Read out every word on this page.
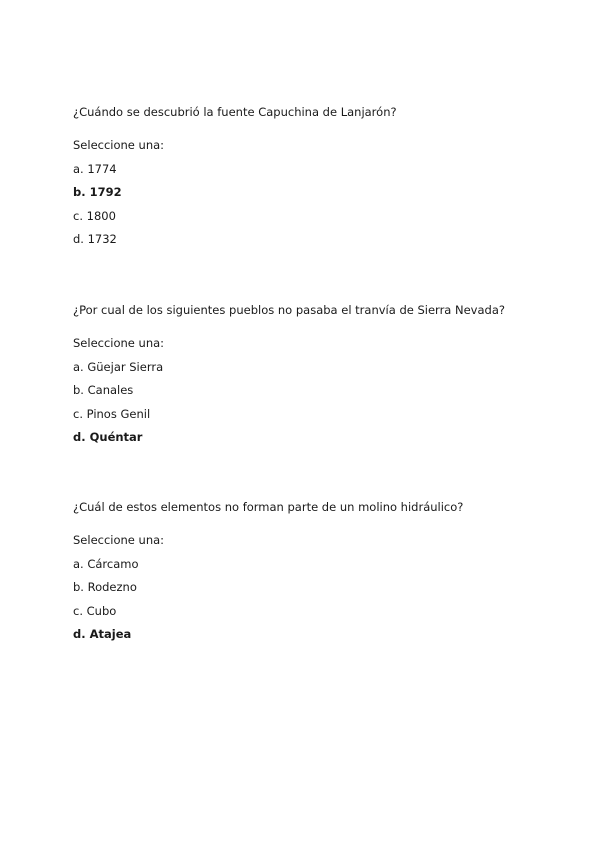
¿Cuándo se descubrió la fuente Capuchina de Lanjarón?

Seleccione una:
a. 1774
b. 1792
c. 1800
d. 1732

¿Por cual de los siguientes pueblos no pasaba el tranvía de Sierra Nevada?

Seleccione una:
a. Güejar Sierra
b. Canales
c. Pinos Genil
d. Quéntar

¿Cuál de estos elementos no forman parte de un molino hidráulico?

Seleccione una:
a. Cárcamo
b. Rodezno
c. Cubo
d. Atajea
